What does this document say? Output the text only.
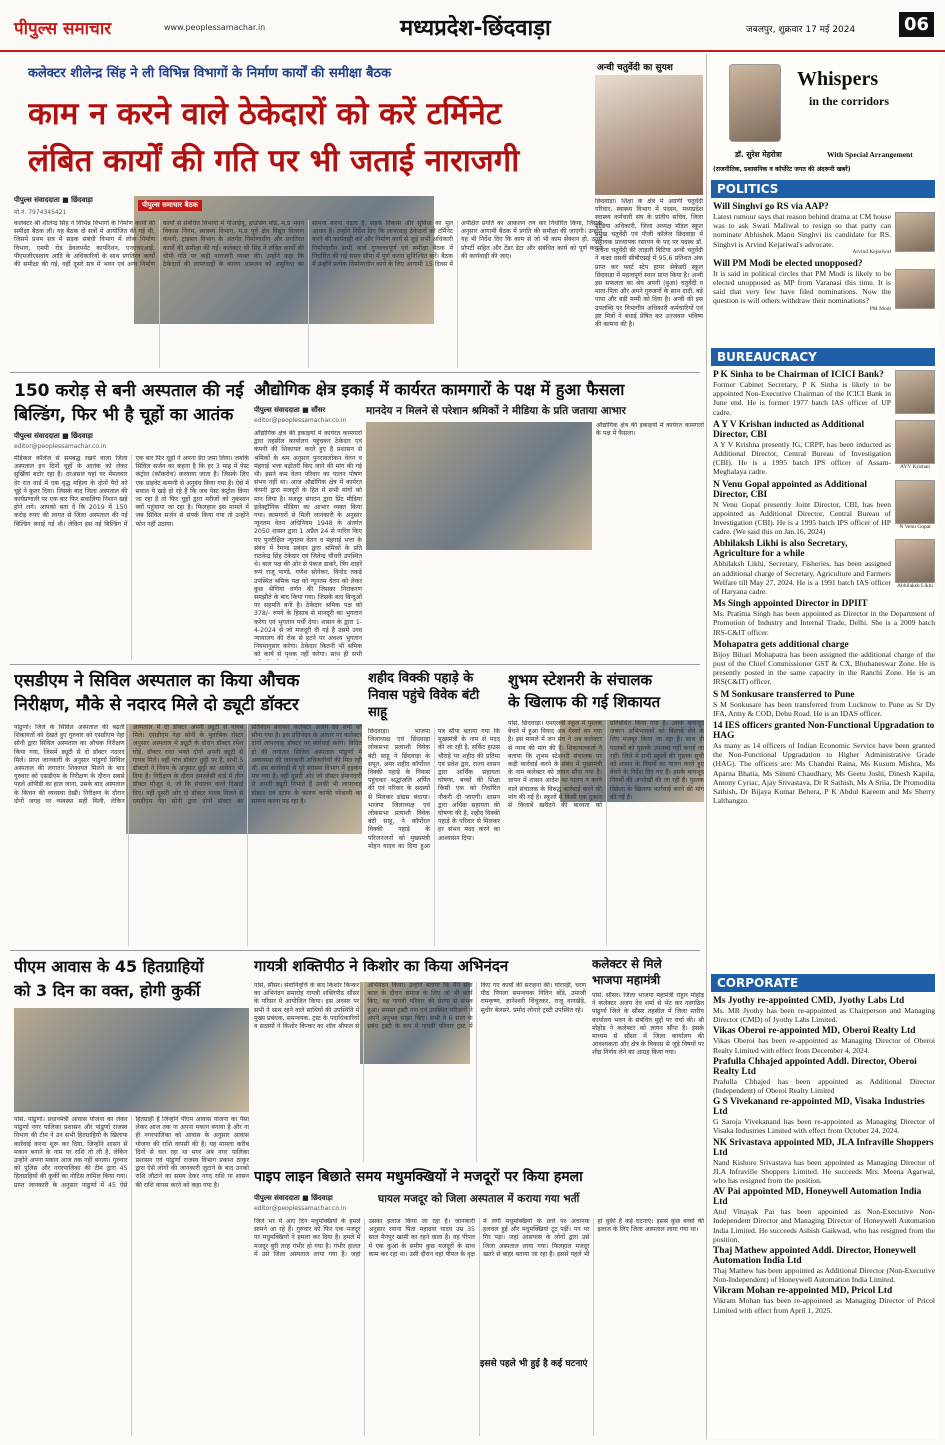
पीपुल्स समाचार	www.peoplessamachar.in	मध्यप्रदेश-छिंदवाड़ा	जबलपुर, शुक्रवार 17 मई 2024	06
कलेक्टर शीलेन्द्र सिंह ने ली विभिन्न विभागों के निर्माण कार्यों की समीक्षा बैठक
काम न करने वाले ठेकेदारों को करें टर्मिनेट
लंबित कार्यों की गति पर भी जताई नाराजगी
पीपुल्स संवाददाता ■ छिंदवाड़ा
मो.नं. 7974345421
पीपुल्स समाचार बैठक
कलेक्टर श्री शीलेन्द्र सिंह ने विभिन्न विभागों के निर्माण कार्यों की समीक्षा बैठक ली। यह बैठक दो सत्रों में आयोजित की गई थी, जिसमें प्रथम सत्र में सड़क संबंधी विभाग में लोक निर्माण विभाग, एमपी रोड डेवलपमेंट कार्पोरेशन, एनएचएआई, पीएमजीएसवाय आदि के अधिकारियों के साथ प्रगतिरत कार्यों की समीक्षा की गई, वहीं दूसरे सत्र में भवन एवं अन्य निर्माण कार्यों से संबंधित विभागों में पीआईयू, हाउसिंग बोर्ड, म.प्र भवन विकास निगम, स्वास्थ्य विभाग, म.प्र पूर्व क्षेत्र विद्युत वितरण कंपनी, ट्राइबल विभाग के अंतर्गत निर्माणाधीन और प्रगतिरत कार्यों की समीक्षा की गई। कलेक्टर श्री सिंह ने लंबित कार्यों की धीमी गति पर कड़ी नाराजगी व्यक्त की। उन्होंने कहा कि ठेकेदारों की लापरवाही के कारण आमजन को असुविधा का सामना करना पड़ता है, सड़कें विकास और सुविधा का मूल आधार हैं। उन्होंने निर्देश दिए कि लापरवाह ठेकेदारों को टर्मिनेट करने की कार्यवाही करें और निर्माण कार्य से जुड़े सभी अधिकारी निर्माणाधीन सभी कार्य गुणवत्तापूर्ण एवं समीक्षा बैठक में निर्धारित की गई समय सीमा में पूर्ण करना सुनिश्चित करें। बैठक में उन्होंने प्रत्येक निर्माणाधीन कार्य के लिए आगामी 15 दिवस में अपेक्षित प्रगति का आकलन तय कर निर्धारित किया, जिसके अनुसार आगामी बैठक में प्रगति की समीक्षा की जाएगी। उन्होंने यह भी निर्देश दिए कि काम से जो भी काम सेंक्शन हो, उनमें प्रॉपर्टी सहित और टेंडर डेटा और संबंधित कार्य को पूर्ण कराने की कार्यवाही की जाए।
अन्वी चतुर्वेदी का सुयश
छिंदवाड़ा। शिक्षा के क्षेत्र में अग्रणी चतुर्वेदी परिवार, स्वास्थ्य विभाग में पदस्थ, मध्यप्रदेश स्वास्थ्य कर्मचारी संघ के प्रांतीय सचिव, जिला मीडिया अधिकारी, जिला अध्यक्ष मॉडल स्कूल प्रमुख चतुर्वेदी एवं पीजी कॉलेज छिंदवाड़ा में सहायक प्राध्यापक रसायन के पद पर पदस्थ डॉ. अर्चना चतुर्वेदी की लाड़ली बिटिया अन्वी चतुर्वेदी ने कक्षा दसवीं सीबीएसई में 95.6 प्रतिशत अंक प्राप्त कर फर्स्ट स्टेप हायर सेकेंडरी स्कूल छिंदवाड़ा में महत्वपूर्ण स्थान प्राप्त किया है। अन्वी इस सफलता का श्रेय अपनी (बुआ) चतुर्वेदी व माता-पिता और अपने गुरुजनों के साथ दादी, बड़े पापा और बड़ी मम्मी को दिया है। अन्वी की इस उपलब्धि पर विभागीय अधिकारी कर्मचारियों एवं इष्ट मित्रों ने बधाई प्रेषित कर उज्जवल भविष्य की कामना की है।
150 करोड़ से बनी अस्पताल की नई
बिल्डिंग, फिर भी है चूहों का आतंक
पीपुल्स संवाददाता ■ छिंदवाड़ा
editor@peoplessamachar.co.in
मेडिकल कॉलेज से समबद्ध रखने वाला जिला अस्पताल इन दिनों चूहों के आतंक को लेकर सुर्खियां बटोर रहा है। दरअसल यहां पर मेंमलवार देर रात वार्ड में एक वृद्ध महिला के दोनों पैरों को चूहे ने कुतर दिया। जिसके बाद जिला अस्पताल की कार्यप्रणाली पर एक बार फिर सवालिया निशान खड़े होने लगे। आपको बता दें कि 2019 में 150 करोड़ रुपए की लागत से जिला अस्पताल की नई बिल्डिंग बनाई गई थी। लेकिन इस नई बिल्डिंग में एक बार फिर चूहों ने अपना डेरा जमा लिया। जबकि सिविल सर्जन का कहना है कि हर 3 माह में पेस्ट कंट्रोल (कॉकरोच) करवाया जाता है। जिसके लिए एक प्राइवेट कम्पनी से अनुबंध किया गया है। ऐसे में सवाल ये खड़े हो रहे हैं कि जब पेस्ट कंट्रोल किया जा रहा है तो फिर चूहों द्वारा मरीजों को नुकसान क्यों पहुंचाया जा रहा है। फिलहाल इस मामले में जब सिविल सर्जन से संपर्क किया गया तो उन्होंने फोन नहीं उठाया।
औद्योगिक क्षेत्र इकाई में कार्यरत कामगारों के पक्ष में हुआ फैसला
पीपुल्स संवाददाता ■ सौंसर
editor@peoplessamachar.co.in
मानदेय न मिलने से परेशान श्रमिकों ने मीडिया के प्रति जताया आभार
औद्योगिक क्षेत्र की इकाइयों में कार्यरत कामगारों द्वारा तहसील कार्यालय पहुंचकर ठेकेदार एवं कंपनी की शिकायत करते हुए है प्रशासन से श्रमिकों के श्रम अनुसार पुनरावलोकन वेतन व मंहगाई भत्ता बढ़ोतरी किए जाने की मांग की गई थी। इसने कम वेतन परिवार का पालन पोषण संभव नहीं था। आज औद्योगिक क्षेत्र में कार्यरत कंपनी द्वारा मजदूरों के हित में सभी मांगों को मान लिया है। मजदूर संगठन द्वारा प्रिंट मीडिया इलेक्ट्रॉनिक मीडिया का आभार व्यक्त किया गया। कामगारों से मिली जानकारी के अनुसार न्यूनतम वेतन अधिनियम 1948 के अंतर्गत 2050 शासन द्वारा 1 अप्रैल 24 से पारित किए गए पुनरीक्षित न्यूनतम वेतन व मंहगाई भत्ता के संबंध में रेमण्ड प्रबंधन द्वारा श्रमिकों के प्रति राठवेन्द्र सिंह टेकेदार एवं जितेन्द्र चौधरी उपस्थित थे। बाल पक्ष की ओर से पंकज डाकरे, त्रिंग शाहरे रूपं राजू पाण्डे, गणेश सोनेकर, विनोद तकड़े उपस्थित श्रमिक पक्ष को न्यूनतम वेतन को लेकर कुछ श्रेणियां वर्णन की जिसका निराकरण समझौते के बाद किया गया। जिसके बाद बिन्दुओं पर सहमति बनी है। ठेकेदार श्रमिक पक्ष को 378/- रुपये के हिसाब से मानदूरी का भुगतान करेगा एवं भुगतान पर्ची देगा। शासन के द्वारा 1-4-2024 से जो मजदूरी दी गई है उसमें उच्च न्यायालय की रोक से हटने पर अवश्य भुगतान नियमानुसार करेगा। ठेकेदार कितनी भी श्रमिक को कार्य से पृथक नहीं करेगा। साथ ही सभी
औद्योगिक क्षेत्र की इकाइयों में कार्यरत कामगारों के पक्ष में फैसला।
एसडीएम ने सिविल अस्पताल का किया औचक
निरीक्षण, मौके से नदारद मिले दो ड्यूटी डॉक्टर
पांढुर्णा। जिले के सिविल अस्पताल की बढ़ती शिकायतों को देखते हुए गुरुवार को एसडीएम नेहा सोनी द्वारा सिविल अस्पताल का औचक निरीक्षण किया गया, जिसमें ड्यूटी से दो डॉक्टर नदारद मिले। प्राप्त जानकारी के अनुसार पांढुर्णा सिविल अस्पताल की लगातार शिकायत मिलने के बाद गुरुवार को एसडीएम के निरीक्षण के दौरान सबसे पहले ओपीडी का हाल जाना, उसके बाद अस्पताल के किचन की व्यवस्था देखी। निरीक्षण के दौरान दोनों जगह पर व्यवस्था सही मिली, लेकिन अस्पताल में दो डॉक्टर अपनी ड्यूटी से गायब मिले। एसडीएम नेहा सोनी के मुताबिक रोस्टर अनुसार अस्पताल में ड्यूटी के दौरान डॉक्टर रमेश घोड़े, डॉक्टर राधा भक्ते दोनों अपनी ड्यूटी से गायब मिले। वहीं पांच डॉक्टर छुट्टी पर हैं, सभी 5 डॉक्टरों ने नियम के अनुसार छुट्टी का आवेदन भी दिया है। निरीक्षण के दौरान इमरजेंसी वार्ड में तीन डॉक्टर मौजूद थे, जो कि संचालन करते दिखाई दिए। वहीं दूसरी ओर दो डॉक्टर गायब मिलने से एसडीएम नेहा सोनी द्वारा दोनों डॉक्टर का प्रतिवेदन बनाकर कलेक्टर अजय देव शर्मा को सौंपा गया है। इस प्रतिवेदन के आधार पर कलेक्टर दोनों लापरवाह डॉक्टर पर कार्रवाई करेंगे। विदित हो की लगातार सिविल अस्पताल पांढुर्णा में अव्यवस्था की जानकारी अधिकारियों की मिल रही थी, इस कार्यवाही से पूरे स्वास्थ्य विभाग में हड़कंप मच गया है। वहीं दूसरी ओर जो डॉक्टर ईमानदारी से अपनी ड्यूटी निभाते हैं उनकी भी लापरवाह डॉक्टर एवं स्टाफ के कारण काफी परेशानी का सामना करना पड़ रहा है।
शहीद विक्की पहाड़े के निवास पहुंचे विवेक बंटी साहू
छिंदवाड़ा। भाजपा जिलाध्यक्ष एवं छिंदवाड़ा लोकसभा प्रत्याशी विवेक बंटी साहू ने छिंदवाड़ा के सपूत, अमर शहीद कॉर्पोरल विक्की पहाड़े के निवास पहुंचकर श्रद्धांजलि अर्पित की एवं परिवार के सदस्यों से मिलकर ढांढस बंधाया। भाजपा जिलाध्यक्ष एवं लोकसभा प्रत्याशी विवेक बंटी साहू, ने कॉर्पोरल विक्की पहाड़े के परिजनजनों को मुख्यमंत्री मोहन यादव का दिया हुआ पत्र सौंपा बताया गया कि मुख्यमंत्री के नाम से मदद की जा रही है, सर्किट हाउस चौराहे पर शहीद की प्रतिमा एवं प्रवेश द्वार, राज्य शासन द्वारा आर्थिक सहायता घोषणा, बच्चों की शिक्षा किसी एक को निर्धारित नौकरी दी जाएगी। शासन द्वारा अर्थिक सहायता की घोषणा की है, शहीद विक्की पहाड़े के परिवार से मिलकर हर संभव मदद करने का आश्वासन दिया।
शुभम स्टेशनरी के संचालक
के खिलाफ की गई शिकायत
पांसं, छिंदवाड़ा। एमएलबी स्कूल में पुस्तक बेचने में हुआ विवाद अब मेस्को बन गया है। इस मामले में जन संघ ने अब कलेक्टर से न्याय की मांग की है। शिकायतकर्ता ने बताया कि शुभम स्टेशनरी संचालक पर कड़ी कार्रवाई करने के संबंध में मुख्यमंत्री के नाम कलेक्टर को ज्ञापन सौंपा गया है। ज्ञापन में शासन आदेश का पालन न करने वाले संचालक के विरुद्ध कार्रवाई करने की मांग की गई है। स्कूलों में किसी एक दुकान से किताबें खरीदने की बाध्यता को प्रतिबंधित किया गया है। उसके बावजूद जबरन अभिभावकों को किताबें लेने के लिए मजबूर किया जा रहा है। साथ ही पालकों को पुस्तकें उपलब्ध नहीं कराई जा रहीं। जिले में सभी स्कूलों की पुस्तक सूची को शासन के नियमों का पालन करते हुए बेचने के निर्देश दिए गए हैं। इसके बावजूद नियमों की अनदेखी की जा रही है। पुस्तक विक्रेता के खिलाफ कार्रवाई करने की मांग की गई है।
पीएम आवास के 45 हितग्राहियों
को 3 दिन का वक्त, होगी कुर्की
पांसं, पांढुर्णा। प्रधानमंत्री आवास योजना का लेकर पांढुर्णा नगर पालिका प्रशासन और पांढुर्णा राजस्व विभाग की टीम ने उन सभी हितग्राहियों के खिलाफ कार्रवाई करना शुरू कर दिया, जिन्होंने शासन से मकान बनाने के नाम पर राशि तो ली है, लेकिन उन्होंने अपना मकान आज तक नहीं बनाया। गुरुवार को पुलिस और नगरपालिका की टीम द्वारा 45 हितग्राहियों की कुर्की का नोटिस तामिल किया गया। प्राप्त जानकारी के अनुसार पांढुर्णा में 45 ऐसे हितग्राही हैं जिन्होंने पीएम आवास योजना का पैसा लेकर आज तक ना अपना मकान बनाया है और ना ही नगरपालिका को आवास के अनुसार आवास योजना की राशि वापसी की है। यह मामला करीब दिनों से चल रहा था मगर अब नगर पालिका प्रशासन एवं पांढुर्णा राजस्व विभाग प्रकाश ठाकुर द्वारा ऐसे लोगों की जानकारी जुटाने के बाद उनको राशि लौटाने का समय देकर नगद राशि या शासन की राशि वापस करने को कहा गया है।
गायत्री शक्तिपीठ ने किशोर का किया अभिनंदन
पांसं, सौंसर। सेवानिवृत्ति के बाद किशोर किन्कर का अभिनंदन समारोह गायत्री शक्तिपीठ सौंसर के परिसर में आयोजित किया। इस अवसर पर सभी ने साथ रहने वाले साथियों की उपस्थिति में मुख्य प्रबंधक, समन्वयक, ट्रस्ट के पदाधिकारियों व सदस्यों ने किशोर किन्कर का शॉल श्रीफल से अभिनंदन किया। उन्होंने बताया कि मैंने सेवा काल के दौरान समाज के लिए जो भी कार्य किए, वह गायत्री परिवार की प्रेरणा से संभव हुआ। समस्त ट्रस्टी गण एवं उपस्थित परिजनों ने अपने अनुभव साझा किए। सभी ने 6 साल के प्रबंध ट्रस्टी के रूप में गायत्री परिवार ट्रस्ट में किए गए कार्यों की सराहना की। घोरपड़ी, चरण पीठ पिपला समन्वयक नितिन बोंडे, उमाजी रामकृष्ण, ज्ञानेश्वरी चिंचुरकर, राजू वानखेड़े, सुधीर बेलसरे, प्रमोद लोनारे ट्रस्टी उपस्थित रहे।
कलेक्टर से मिले
भाजपा महामंत्री
पांसं, सौंसर। जिला भाजपा महामंत्री राहुल मोहोड़ ने कलेक्टर अजय देव शर्मा से भेंट कर नवगठित पांढुर्णा जिले के सौंसर तहसील में जिला स्तरीय कार्यालय भवन के संबंधित मुद्दों पर चर्चा की। श्री मोहोड़ ने कलेक्टर को ज्ञापन सौंपा है। इसके माध्यम से सौंसर में जिला कार्यालय की आवश्यकता और क्षेत्र के विकास से जुड़े विषयों पर शीघ्र निर्णय लेने का आग्रह किया गया।
पाइप लाइन बिछाते समय मधुमक्खियों ने मजदूरों पर किया हमला
पीपुल्स संवाददाता ■ छिंदवाड़ा
editor@peoplessamachar.co.in
घायल मजदूर को जिला अस्पताल में कराया गया भर्ती
इससे पहले भी हुई है कई घटनाएं
जिले भर में आए दिन मधुमक्खियों के हमले सामने आ रहे हैं। गुरुवार को फिर एक मजदूर पर मधुमक्खियों ने हमला कर दिया है। हमले में मजदूर बुरी तरह गंभीर हो गया है। गंभीर हालत में उसे जिला अस्पताल लाया गया है। जहां उसका इलाज किया जा रहा है। जानकारी अनुसार रवाना पिता महादवा यादव उम्र 35 साल मैनपुर खामी का रहने वाला है। वह पीपल में एक कुआं के समीप कुछ मजदूरों के साथ काम कर रहा था। उसी दौरान वहां पीपल के वृक्ष में लगी मधुमक्खियों के छत्ते पर अचानक हलचल हुई और मधुमक्खियां टूट पड़ीं। पन पर गिर पड़ा। जहां आसपास के लोगों द्वारा उसे जिला अस्पताल लाया गया। फिलहाल मजदूर खतरे से बाहर बताया जा रहा है। इससे पहले भी हो चुकी है कई घटनाएं। इससे कुछ बच्चों की इलाज के लिए जिला अस्पताल लाया गया था।
Whispers
in the corridors
डॉ. सुरेश मेहरोत्रा	With Special Arrangement
(राजनीतिक, प्रशासनिक व कॉर्पोरेट जगत की अंदरूनी खबरें)
POLITICS
Will Singhvi go RS via AAP?
Latest rumour says that reason behind drama at CM house was to ask Swati Maliwal to resign so that party can nominate Abhishek Manu Singhvi its candidate for RS. Singhvi is Arvind Kejariwal's advocate.
Arvind Kejariwal
Will PM Modi be elected unopposed?
It is said in political circles that PM Modi is likely to be elected unopposed as MP from Varanasi this time. It is said that very few have filed nominations. Now the question is will others withdraw their nominations?
PM Modi
BUREAUCRACY
P K Sinha to be Chairman of ICICI Bank?
Former Cabinet Secretary, P K Sinha is likely to be appointed Non-Executive Chairman of the ICICI Bank in June end. He is former 1977 batch IAS officer of UP cadre.
AYV Krishan
A Y V Krishan inducted as Additional Director, CBI
A Y V Krishna presently IG, CRPF, has been inducted as Additional Director, Central Bureau of Investigation (CBI). He is a 1995 batch IPS officer of Assam-Meghalaya cadre.
N Venu Gopal
N Venu Gopal appointed as Additional Director, CBI
N Venu Gopal presently Joint Director, CBI, has been appointed as Additional Director, Central Bureau of Investigation (CBI). He is a 1995 batch IPS officer of HP cadre. (We said this on Jan.16, 2024)
Abhilaksh Likhi
Abhilaksh Likhi is also Secretary, Agriculture for a while
Abhilaksh Likhi, Secretary, Fisheries, has been assigned an additional charge of Secretary, Agriculture and Farmers Welfare till May 27, 2024. He is a 1991 batch IAS officer of Haryana cadre.
Ms Singh appointed Director in DPIIT
Ms. Pratima Singh has been appointed as Director in the Department of Promotion of Industry and Internal Trade, Delhi. She is a 2009 batch IRS-C&IT officer.
Mohapatra gets additional charge
Bijoy Bihari Mohapatra has been assigned the additional charge of the post of the Chief Commissioner GST & CX, Bhubaneswar Zone. He is presently posted in the same capacity in the Ranchi Zone. He is an IRS(C&IT) officer.
S M Sonkusare transferred to Pune
S M Sonkusare has been transferred from Lucknow to Pune as Sr Dy IFA, Army & COD, Dehu Road. He is an IDAS officer.
14 IES officers granted Non-Functional Upgradation to HAG
As many as 14 officers of Indian Economic Service have been granted the Non-Functional Upgradation to Higher Administrative Grade (HAG). The officers are: Ms Chandni Raina, Ms Kusum Mishra, Ms Aparna Bhatia, Ms Simmi Chaudhary, Ms Geetu Joshi, Dinesh Kapila, Antony Cyriac, Ajay Srivastava, Dr R Sathish, Ms A Sriia, Dr Promodita Sathish, Dr Bijaya Kumar Behera, P K Abdul Kareem and Ms Sherry Lalthangzo.
CORPORATE
Ms Jyothy re-appointed CMD, Jyothy Labs Ltd
Ms. MR Jyothy has been re-appointed as Chairperson and Managing Director (CMD) of Jyothy Labs Limited.
Vikas Oberoi re-appointed MD, Oberoi Realty Ltd
Vikas Oberoi has been re-appointed as Managing Director of Oberoi Realty Limited with effect from December 4, 2024.
Prafulla Chhajed appointed Addl. Director, Oberoi Realty Ltd
Prafulla Chhajed has been appointed as Additional Director (Independent) of Oberoi Realty Limited
G S Vivekanand re-appointed MD, Visaka Industries Ltd
G Saroja Vivekanand has been re-appointed as Managing Director of Visaka Industries Limited with effect from October 24, 2024.
NK Srivastava appointed MD, JLA Infraville Shoppers Ltd
Nand Kishore Srivastava has been appointed as Managing Director of JLA Infraville Shoppers Limited. He succeeds Mrs. Meena Agarwal, who has resigned from the position.
AV Pai appointed MD, Honeywell Automation India Ltd
Atul Vinayak Pai has been appointed as Non-Executive Non-Independent Director and Managing Director of Honeywell Automation India Limited. He succeeds Ashish Gaikwad, who has resigned from the position.
Thaj Mathew appointed Addl. Director, Honeywell Automation India Ltd
Thaj Mathew has been appointed as Additional Director (Non-Executive Non-Independent) of Honeywell Automation India Limited.
Vikram Mohan re-appointed MD, Pricol Ltd
Vikram Mohan has been re-appointed as Managing Director of Pricol Limited with effect from April 1, 2025.
